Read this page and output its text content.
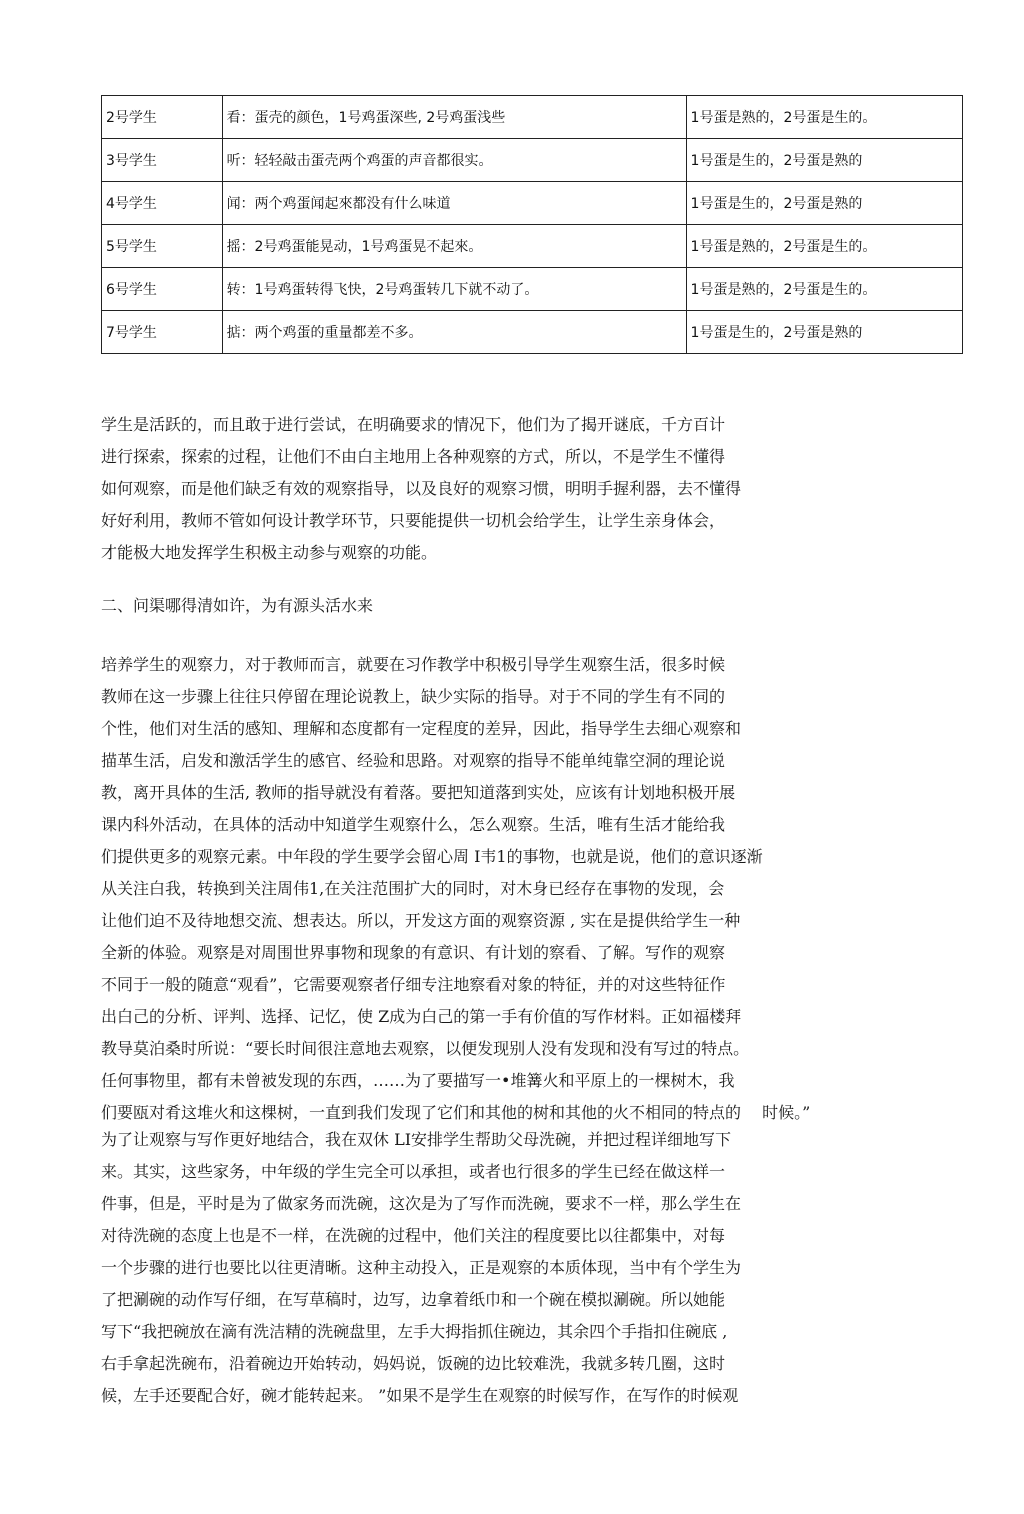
2号学生	看：蛋壳的颜色，1号鸡蛋深些, 2号鸡蛋浅些	1号蛋是熟的，2号蛋是生的。
3号学生	听：轻轻敲击蛋壳两个鸡蛋的声音都很实。	1号蛋是生的，2号蛋是熟的
4号学生	闻：两个鸡蛋闻起來都没有什么味道	1号蛋是生的，2号蛋是熟的
5号学生	摇：2号鸡蛋能晃动，1号鸡蛋晃不起來。	1号蛋是熟的，2号蛋是生的。
6号学生	转：1号鸡蛋转得飞快，2号鸡蛋转几下就不动了。	1号蛋是熟的，2号蛋是生的。
7号学生	掂：两个鸡蛋的重量都差不多。	1号蛋是生的，2号蛋是熟的
学生是活跃的，而且敢于进行尝试，在明确要求的情况下，他们为了揭开谜底，千方百计
进行探索，探索的过程，让他们不由白主地用上各种观察的方式，所以，不是学生不懂得
如何观察，而是他们缺乏有效的观察指导，以及良好的观察习惯，明明手握利器，去不懂得
好好利用，教师不管如何设计教学环节，只要能提供一切机会给学生，让学生亲身体会，
才能极大地发挥学生积极主动参与观察的功能。
二、问渠哪得清如许，为有源头活水来
培养学生的观察力，对于教师而言，就要在习作教学中积极引导学生观察生活，很多时候
教师在这一步骤上往往只停留在理论说教上，缺少实际的指导。对于不同的学生有不同的
个性，他们对生活的感知、理解和态度都有一定程度的差异，因此，指导学生去细心观察和
描革生活，启发和激活学生的感官、经验和思路。对观察的指导不能单纯靠空洞的理论说
教，离开具体的生活, 教师的指导就没有着落。要把知道落到实处，应该有计划地积极开展
课内科外活动，在具体的活动中知道学生观察什么，怎么观察。生活，唯有生活才能给我
们提供更多的观察元素。中年段的学生要学会留心周 I韦1的事物，也就是说，他们的意识逐渐
从关注白我，转换到关注周伟1,在关注范围扩大的同时，对木身已经存在事物的发现，会
让他们迫不及待地想交流、想表达。所以，开发这方面的观察资源 , 实在是提供给学生一种
全新的体验。观察是对周围世界事物和现象的有意识、有计划的察看、了解。写作的观察
不同于一般的随意“观看”，它需要观察者仔细专注地察看对象的特征，并的对这些特征作
出白己的分析、评判、选择、记忆，使 Z成为白己的第一手有价值的写作材料。正如福楼拜
教导莫泊桑时所说：“要长时间很注意地去观察，以便发现别人没有发现和没有写过的特点。
任何事物里，都有未曾被发现的东西，……为了要描写一•堆篝火和平原上的一棵树木，我
们要瓯对肴这堆火和这棵树，一直到我们发现了它们和其他的树和其他的火不相同的特点的　 时候。”
为了让观察与写作更好地结合，我在双休 LI安排学生帮助父母洗碗，并把过程详细地写下
来。其实，这些家务，中年级的学生完全可以承担，或者也行很多的学生已经在做这样一
件事，但是，平时是为了做家务而洗碗，这次是为了写作而洗碗，要求不一样，那么学生在
对待洗碗的态度上也是不一样，在洗碗的过程中，他们关注的程度要比以往都集中，对每
一个步骤的进行也要比以往更清晰。这种主动投入，正是观察的本质体现，当中有个学生为
了把涮碗的动作写仔细，在写草稿时，边写，边拿着纸巾和一个碗在模拟涮碗。所以她能
写下“我把碗放在滴有洗洁精的洗碗盘里，左手大拇指抓住碗边，其余四个手指扣住碗底 ,
右手拿起洗碗布，沿着碗边开始转动，妈妈说，饭碗的边比较难洗，我就多转几圈，这时
候，左手还要配合好，碗才能转起来。 ”如果不是学生在观察的时候写作，在写作的时候观
